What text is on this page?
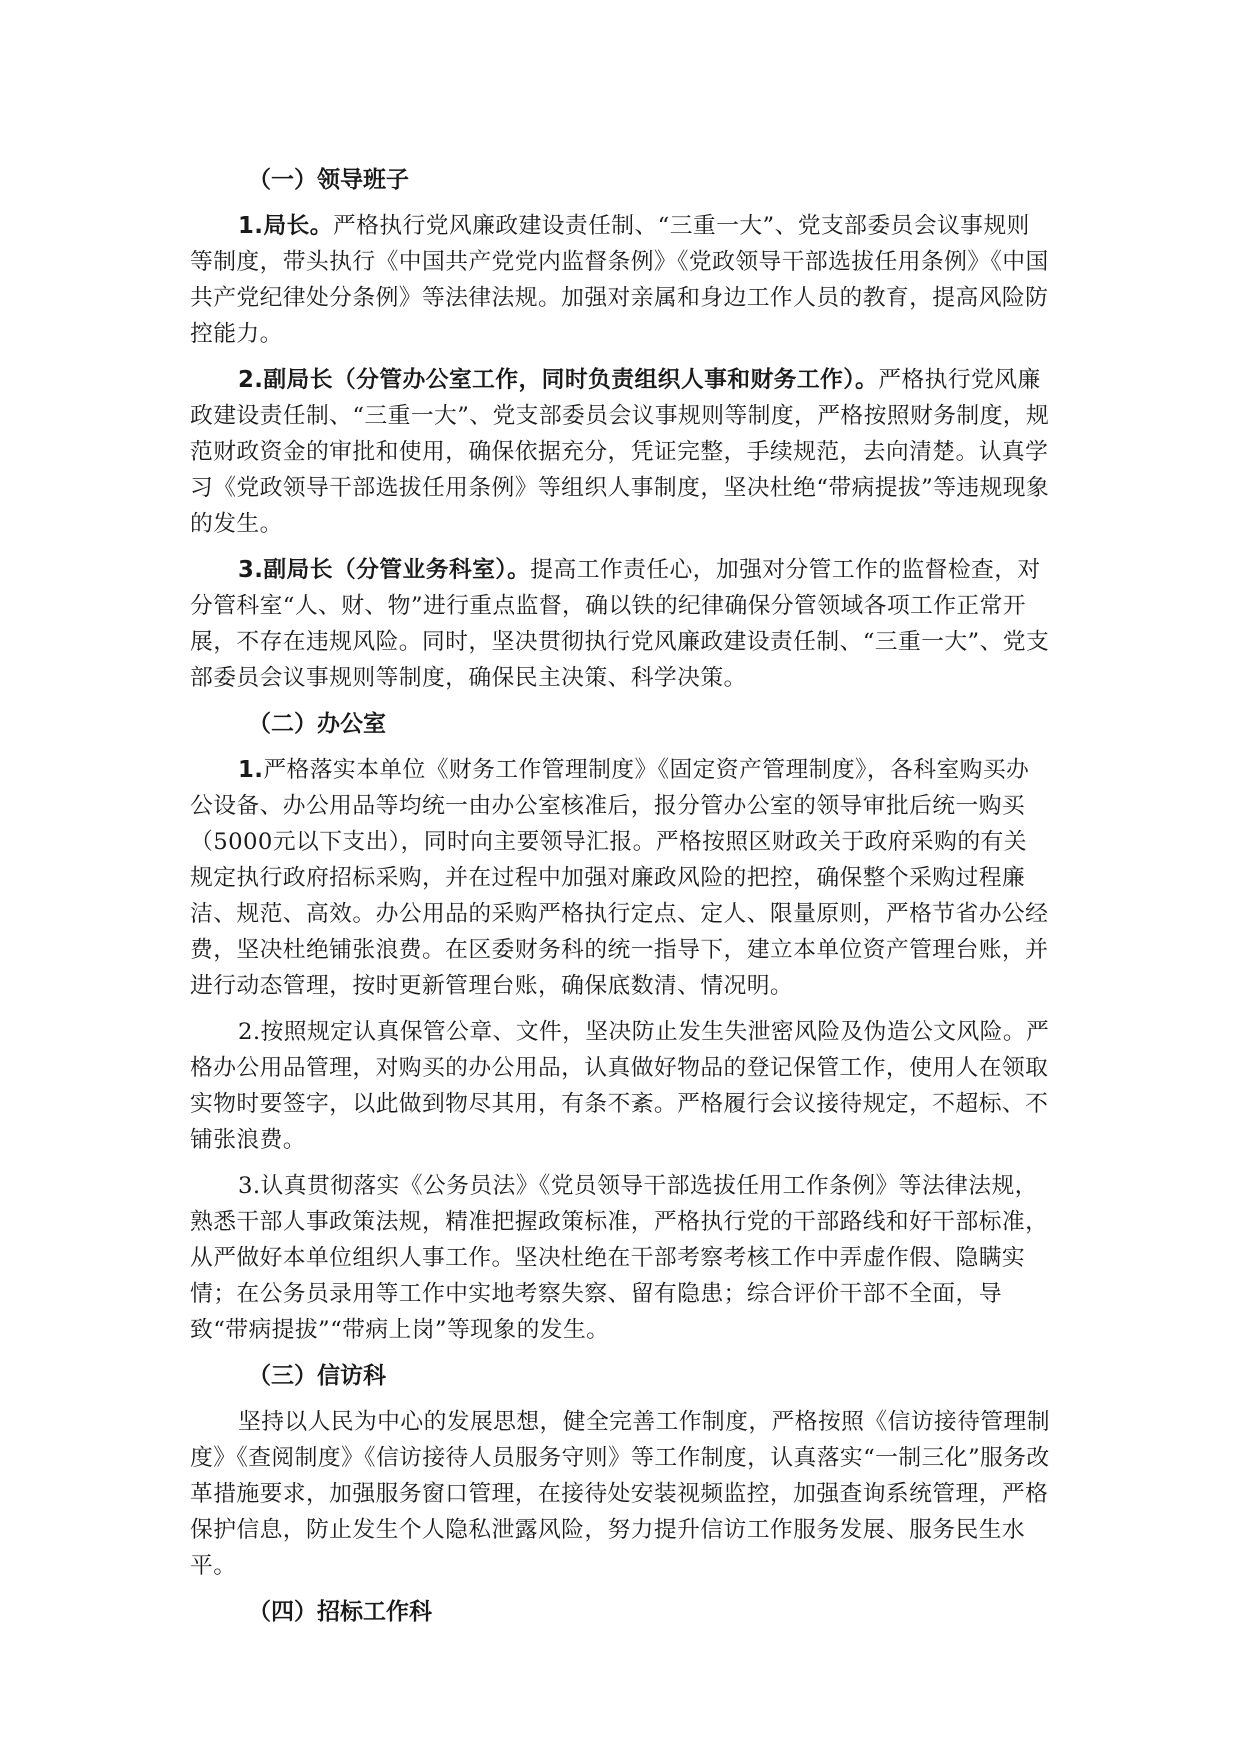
（一）领导班子

1.局长。严格执行党风廉政建设责任制、“三重一大”、党支部委员会议事规则等制度，带头执行《中国共产党党内监督条例》《党政领导干部选拔任用条例》《中国共产党纪律处分条例》等法律法规。加强对亲属和身边工作人员的教育，提高风险防控能力。

2.副局长（分管办公室工作，同时负责组织人事和财务工作）。严格执行党风廉政建设责任制、“三重一大”、党支部委员会议事规则等制度，严格按照财务制度，规范财政资金的审批和使用，确保依据充分，凭证完整，手续规范，去向清楚。认真学习《党政领导干部选拔任用条例》等组织人事制度，坚决杜绝“带病提拔”等违规现象的发生。

3.副局长（分管业务科室）。提高工作责任心，加强对分管工作的监督检查，对分管科室“人、财、物”进行重点监督，确以铁的纪律确保分管领域各项工作正常开展，不存在违规风险。同时，坚决贯彻执行党风廉政建设责任制、“三重一大”、党支部委员会议事规则等制度，确保民主决策、科学决策。

（二）办公室

1.严格落实本单位《财务工作管理制度》《固定资产管理制度》，各科室购买办公设备、办公用品等均统一由办公室核准后，报分管办公室的领导审批后统一购买（5000元以下支出），同时向主要领导汇报。严格按照区财政关于政府采购的有关规定执行政府招标采购，并在过程中加强对廉政风险的把控，确保整个采购过程廉洁、规范、高效。办公用品的采购严格执行定点、定人、限量原则，严格节省办公经费，坚决杜绝铺张浪费。在区委财务科的统一指导下，建立本单位资产管理台账，并进行动态管理，按时更新管理台账，确保底数清、情况明。

2.按照规定认真保管公章、文件，坚决防止发生失泄密风险及伪造公文风险。严格办公用品管理，对购买的办公用品，认真做好物品的登记保管工作，使用人在领取实物时要签字，以此做到物尽其用，有条不紊。严格履行会议接待规定，不超标、不铺张浪费。

3.认真贯彻落实《公务员法》《党员领导干部选拔任用工作条例》等法律法规，熟悉干部人事政策法规，精准把握政策标准，严格执行党的干部路线和好干部标准，从严做好本单位组织人事工作。坚决杜绝在干部考察考核工作中弄虚作假、隐瞒实情；在公务员录用等工作中实地考察失察、留有隐患；综合评价干部不全面，导致“带病提拔”“带病上岗”等现象的发生。

（三）信访科

坚持以人民为中心的发展思想，健全完善工作制度，严格按照《信访接待管理制度》《查阅制度》《信访接待人员服务守则》等工作制度，认真落实“一制三化”服务改革措施要求，加强服务窗口管理，在接待处安装视频监控，加强查询系统管理，严格保护信息，防止发生个人隐私泄露风险，努力提升信访工作服务发展、服务民生水平。

（四）招标工作科
